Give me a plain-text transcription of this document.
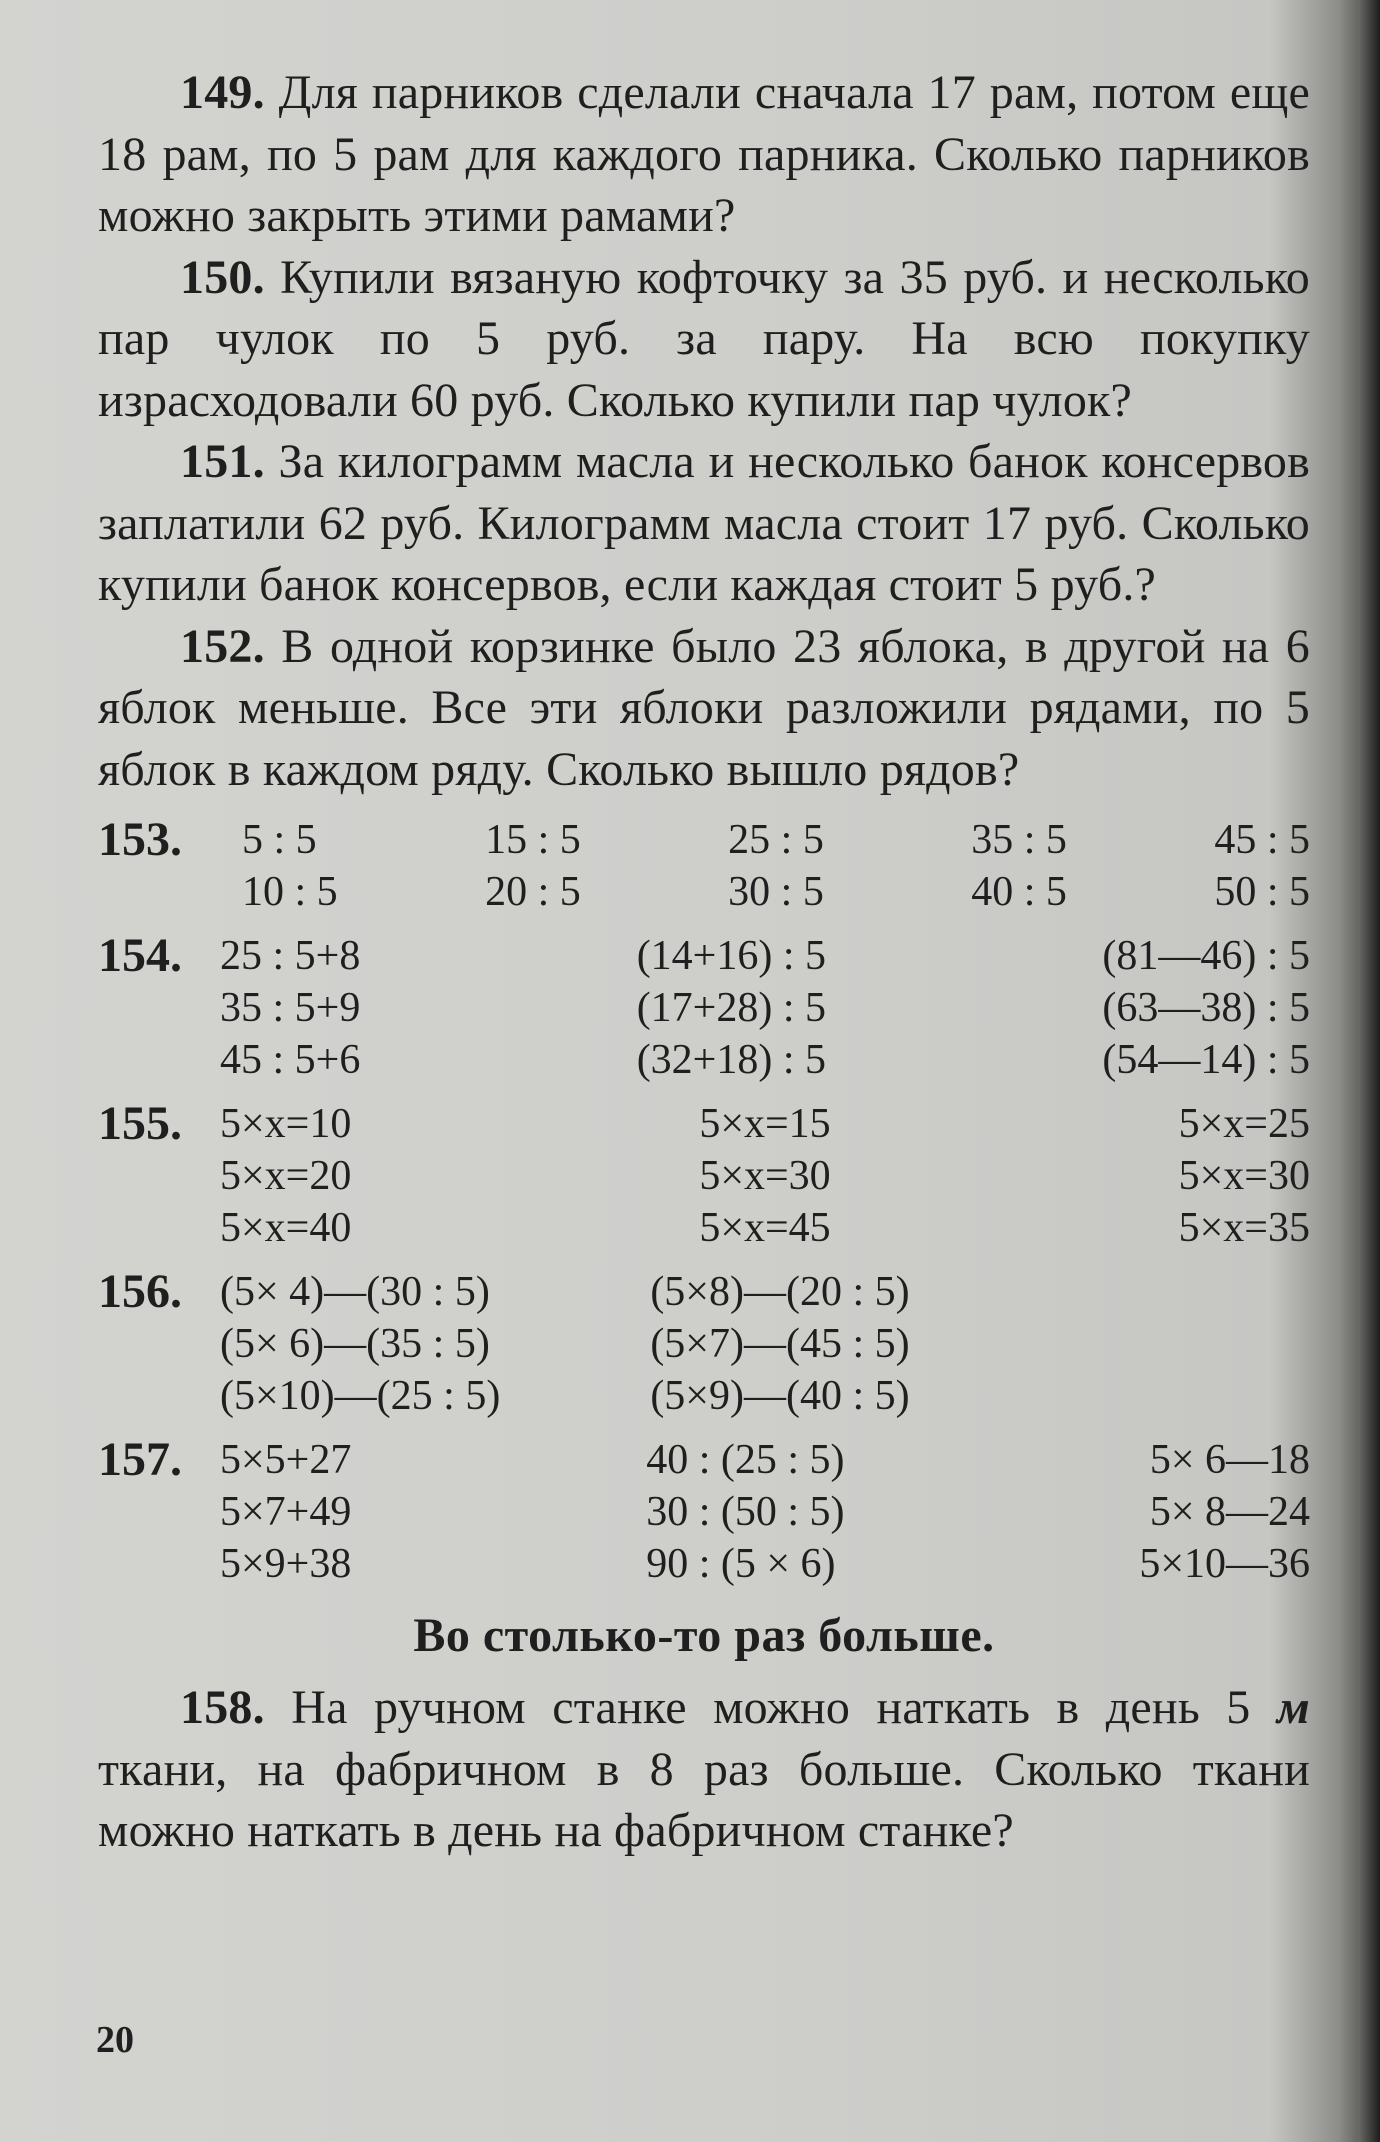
149. Для парников сделали сначала 17 рам, потом еще 18 рам, по 5 рам для каждого парника. Сколько парников можно закрыть этими рамами?

150. Купили вязаную кофточку за 35 руб. и несколько пар чулок по 5 руб. за пару. На всю покупку израсходовали 60 руб. Сколько купили пар чулок?

151. За килограмм масла и несколько банок консервов заплатили 62 руб. Килограмм масла стоит 17 руб. Сколько купили банок консервов, если каждая стоит 5 руб.?

152. В одной корзинке было 23 яблока, в другой на 6 яблок меньше. Все эти яблоки разложили рядами, по 5 яблок в каждом ряду. Сколько вышло рядов?

153.	5 : 5
10 : 5
15 : 5
20 : 5
25 : 5
30 : 5
35 : 5
40 : 5
45 : 5
50 : 5
154. 25 : 5+8
35 : 5+9
45 : 5+6
(14+16) : 5
(17+28) : 5
(32+18) : 5
(81—46) : 5
(63—38) : 5
(54—14) : 5
155. 5×x=10
5×x=20
5×x=40
5×x=15
5×x=30
5×x=45
5×x=25
5×x=30
5×x=35
156. (5× 4)—(30 : 5)
(5× 6)—(35 : 5)
(5×10)—(25 : 5)
(5×8)—(20 : 5)
(5×7)—(45 : 5)
(5×9)—(40 : 5)
157. 5×5+27
5×7+49
5×9+38
40 : (25 : 5)
30 : (50 : 5)
90 : (5 × 6)
5× 6—18
5× 8—24
5×10—36
Во столько-то раз больше.

158. На ручном станке можно наткать в день 5 м ткани, на фабричном в 8 раз больше. Сколько ткани можно наткать в день на фабричном станке?

20
